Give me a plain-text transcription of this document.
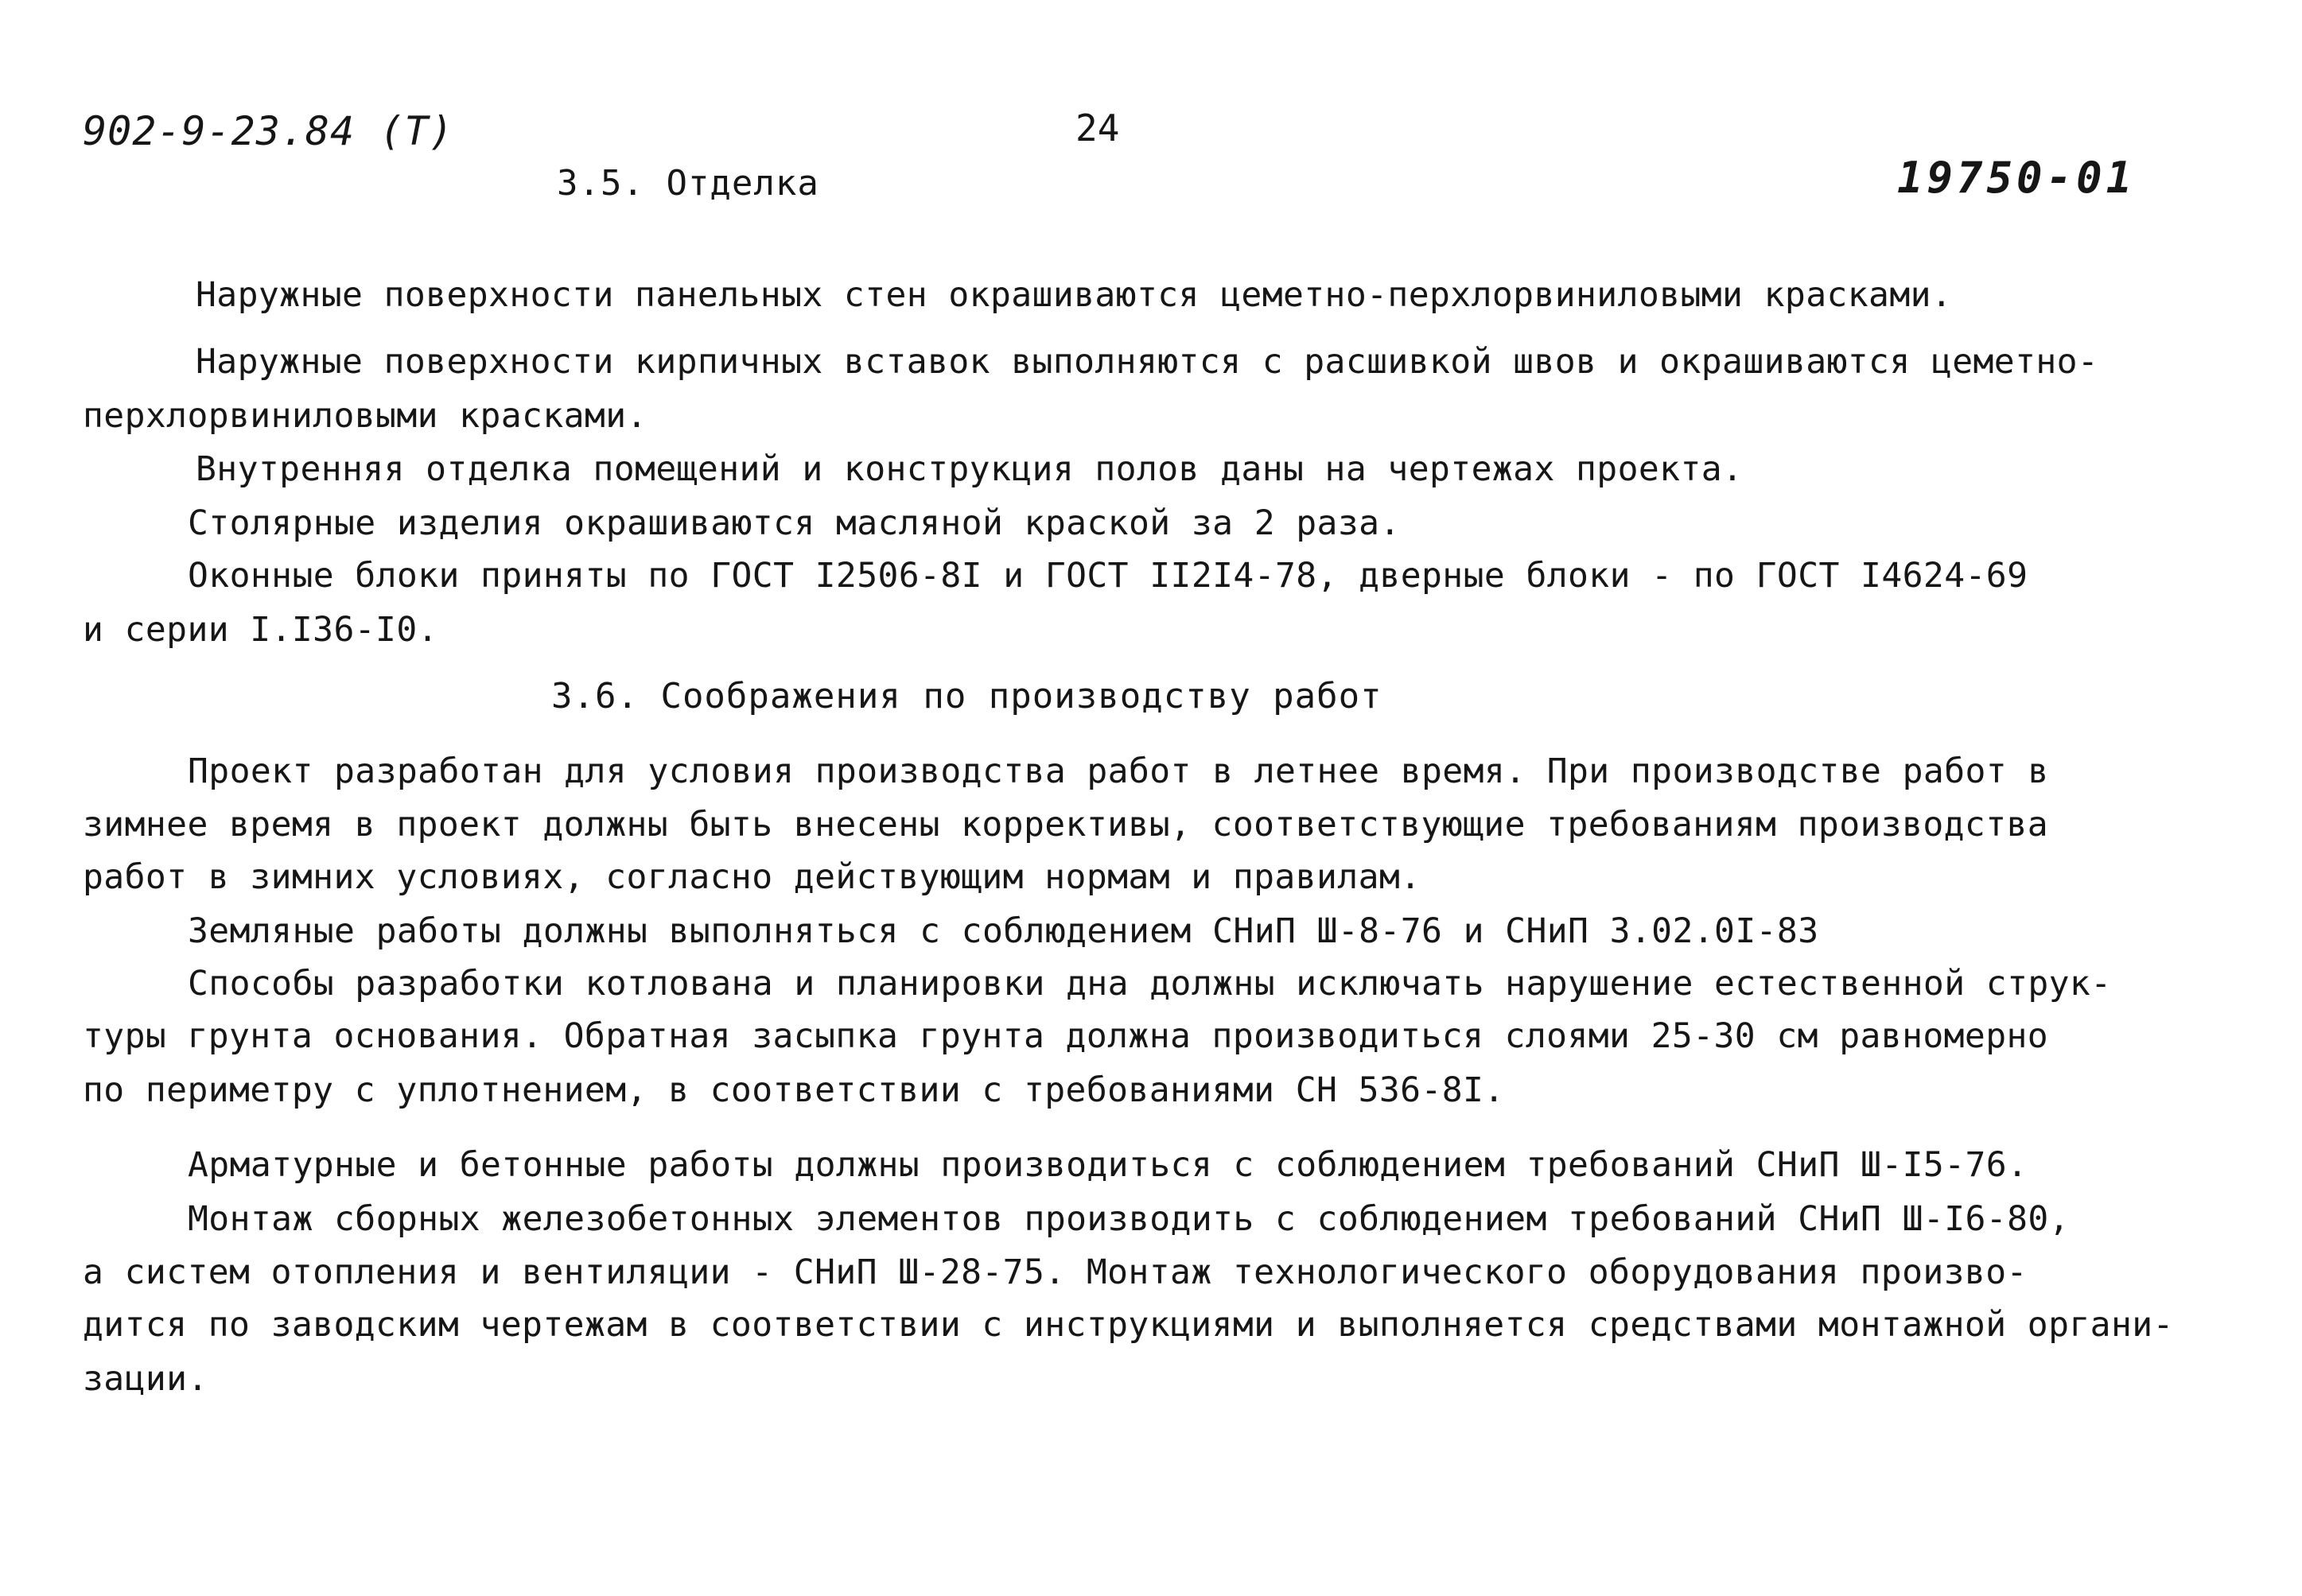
902-9-23.84 (T)	24
19750-01
3.5. Отделка
Наружные поверхности панельных стен окрашиваются цеметно-перхлорвиниловыми красками.
Наружные поверхности кирпичных вставок выполняются с расшивкой швов и окрашиваются цеметно-
перхлорвиниловыми красками.
Внутренняя отделка помещений и конструкция полов даны на чертежах проекта.
Столярные изделия окрашиваются масляной краской за 2 раза.
Оконные блоки приняты по ГОСТ I2506-8I и ГОСТ II2I4-78, дверные блоки - по ГОСТ I4624-69
и серии I.I36-I0.
3.6. Соображения по производству работ
Проект разработан для условия производства работ в летнее время. При производстве работ в
зимнее время в проект должны быть внесены коррективы, соответствующие требованиям производства
работ в зимних условиях, согласно действующим нормам и правилам.
Земляные работы должны выполняться с соблюдением СНиП Ш-8-76 и СНиП 3.02.0I-83
Способы разработки котлована и планировки дна должны исключать нарушение естественной струк-
туры грунта основания. Обратная засыпка грунта должна производиться слоями 25-30 см равномерно
по периметру с уплотнением, в соответствии с требованиями СН 536-8I.
Арматурные и бетонные работы должны производиться с соблюдением требований СНиП Ш-I5-76.
Монтаж сборных железобетонных элементов производить с соблюдением требований СНиП Ш-I6-80,
а систем отопления и вентиляции - СНиП Ш-28-75. Монтаж технологического оборудования произво-
дится по заводским чертежам в соответствии с инструкциями и выполняется средствами монтажной органи-
зации.
